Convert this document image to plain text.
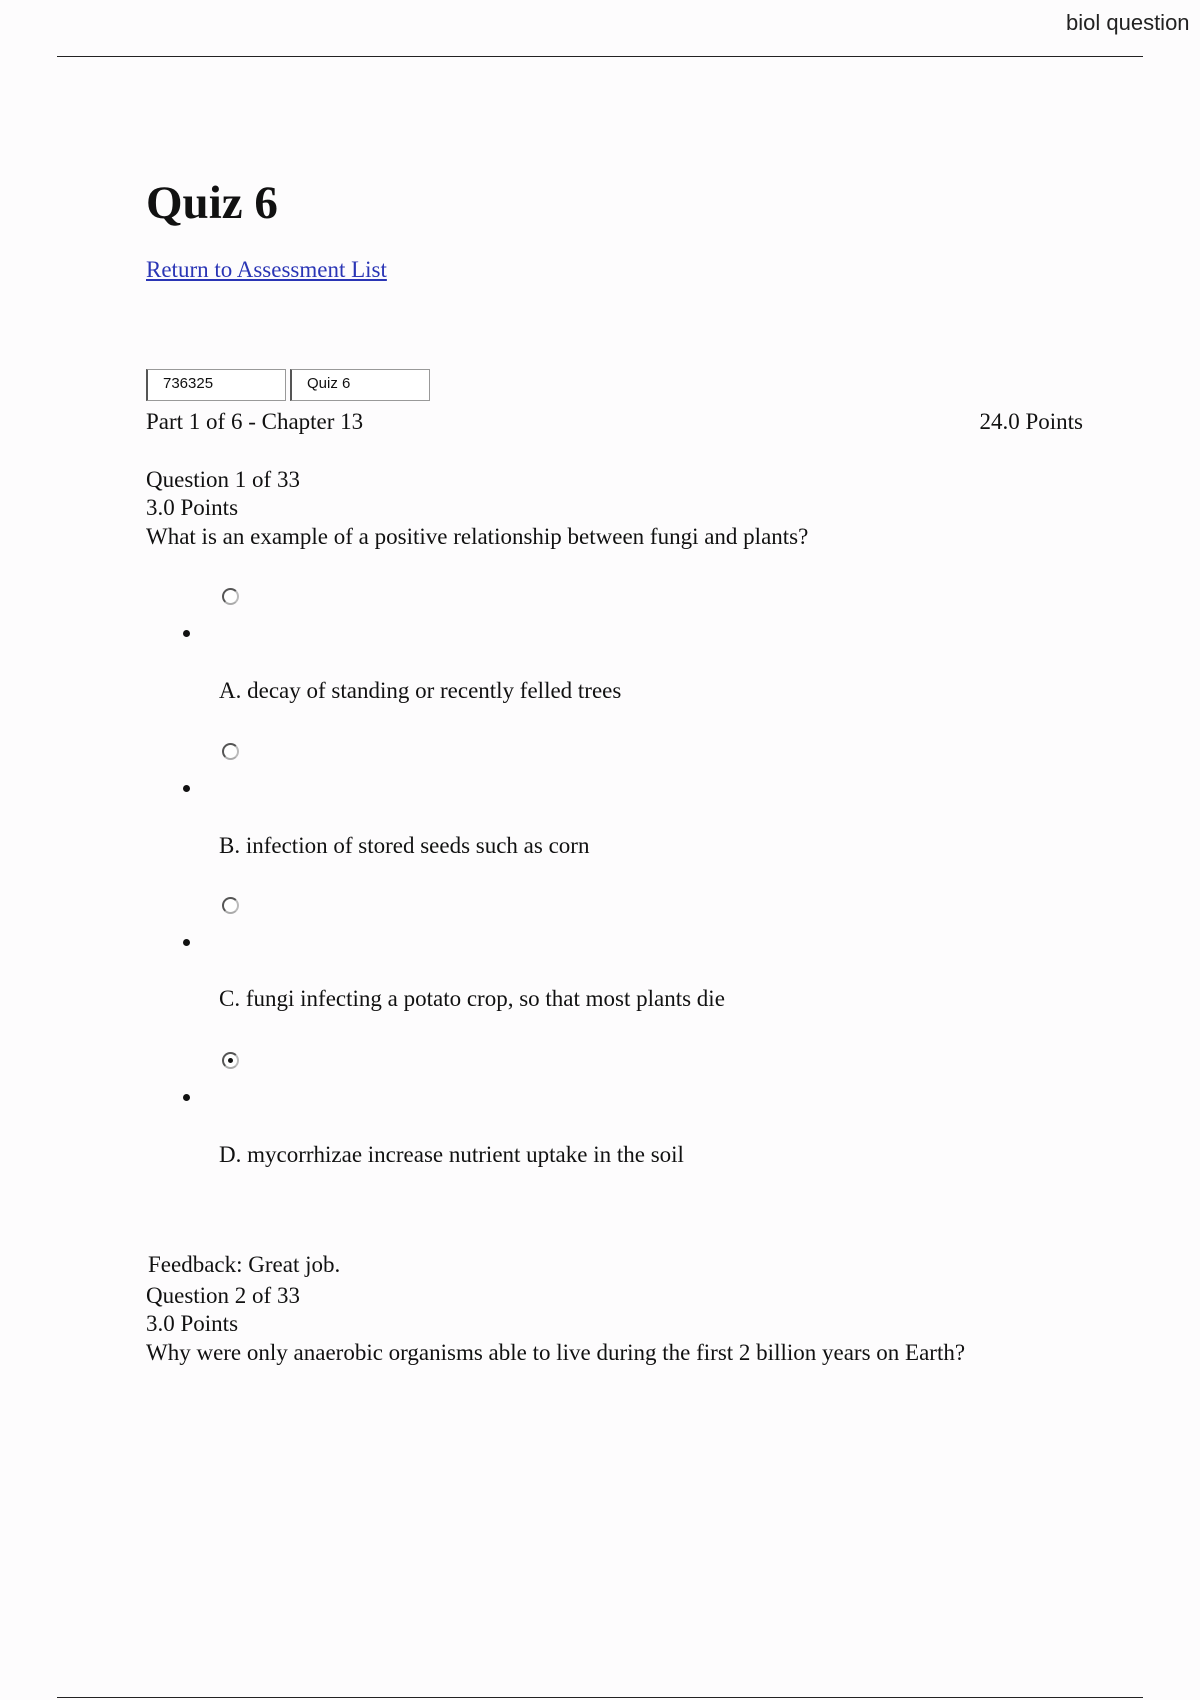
biol question
Quiz 6
Return to Assessment List
736325	Quiz 6
Part 1 of 6 - Chapter 13	24.0 Points
Question 1 of 33
3.0 Points
What is an example of a positive relationship between fungi and plants?
A. decay of standing or recently felled trees
B. infection of stored seeds such as corn
C. fungi infecting a potato crop, so that most plants die
D. mycorrhizae increase nutrient uptake in the soil
Feedback: Great job.
Question 2 of 33
3.0 Points
Why were only anaerobic organisms able to live during the first 2 billion years on Earth?
